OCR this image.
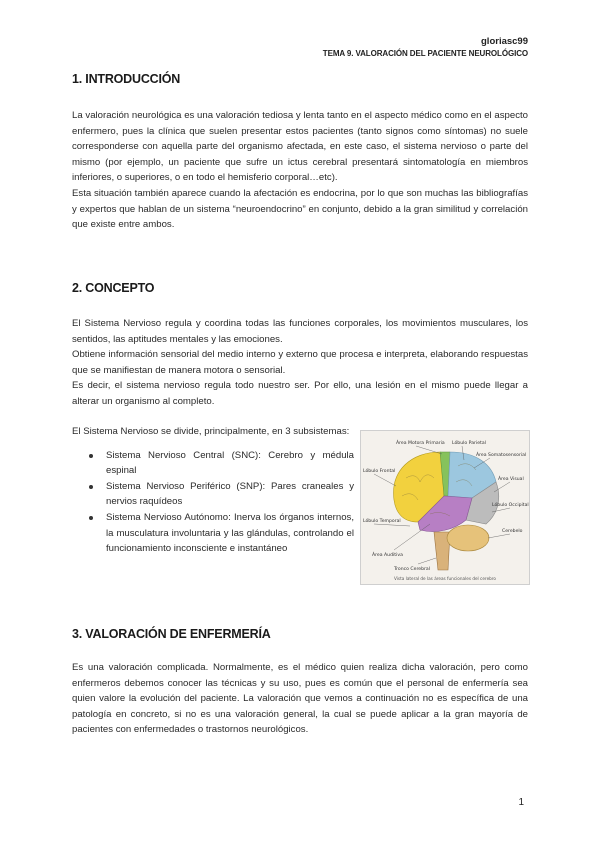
gloriasc99
TEMA 9. VALORACIÓN DEL PACIENTE NEUROLÓGICO
1. INTRODUCCIÓN

La valoración neurológica es una valoración tediosa y lenta tanto en el aspecto médico como en el aspecto enfermero, pues la clínica que suelen presentar estos pacientes (tanto signos como síntomas) no suele corresponderse con aquella parte del organismo afectada, en este caso, el sistema nervioso o parte del mismo (por ejemplo, un paciente que sufre un ictus cerebral presentará sintomatología en miembros inferiores, o superiores, o en todo el hemisferio corporal…etc).

Esta situación también aparece cuando la afectación es endocrina, por lo que son muchas las bibliografías y expertos que hablan de un sistema “neuroendocrino” en conjunto, debido a la gran similitud y correlación que existe entre ambos.

2. CONCEPTO

El Sistema Nervioso regula y coordina todas las funciones corporales, los movimientos musculares, los sentidos, las aptitudes mentales y las emociones.

Obtiene información sensorial del medio interno y externo que procesa e interpreta, elaborando respuestas que se manifiestan de manera motora o sensorial.

Es decir, el sistema nervioso regula todo nuestro ser. Por ello, una lesión en el mismo puede llegar a alterar un organismo al completo.

El Sistema Nervioso se divide, principalmente, en 3 subsistemas:

Sistema Nervioso Central (SNC): Cerebro y médula espinal
Sistema Nervioso Periférico (SNP): Pares craneales y nervios raquídeos
Sistema Nervioso Autónomo: Inerva los órganos internos, la musculatura involuntaria y las glándulas, controlando el funcionamiento inconsciente e instantáneo
Área Motora Primaria Lóbulo Parietal
Área Somatosensorial
Lóbulo Frontal
Área Visual
Lóbulo Occipital
Lóbulo Temporal
Área Auditiva
Cerebelo
Tronco Cerebral
Vista lateral de las áreas funcionales del cerebro
3. VALORACIÓN DE ENFERMERÍA

Es una valoración complicada. Normalmente, es el médico quien realiza dicha valoración, pero como enfermeros debemos conocer las técnicas y su uso, pues es común que el personal de enfermería sea quien valore la evolución del paciente. La valoración que vemos a continuación no es específica de una patología en concreto, si no es una valoración general, la cual se puede aplicar a la gran mayoría de pacientes con enfermedades o trastornos neurológicos.

1
